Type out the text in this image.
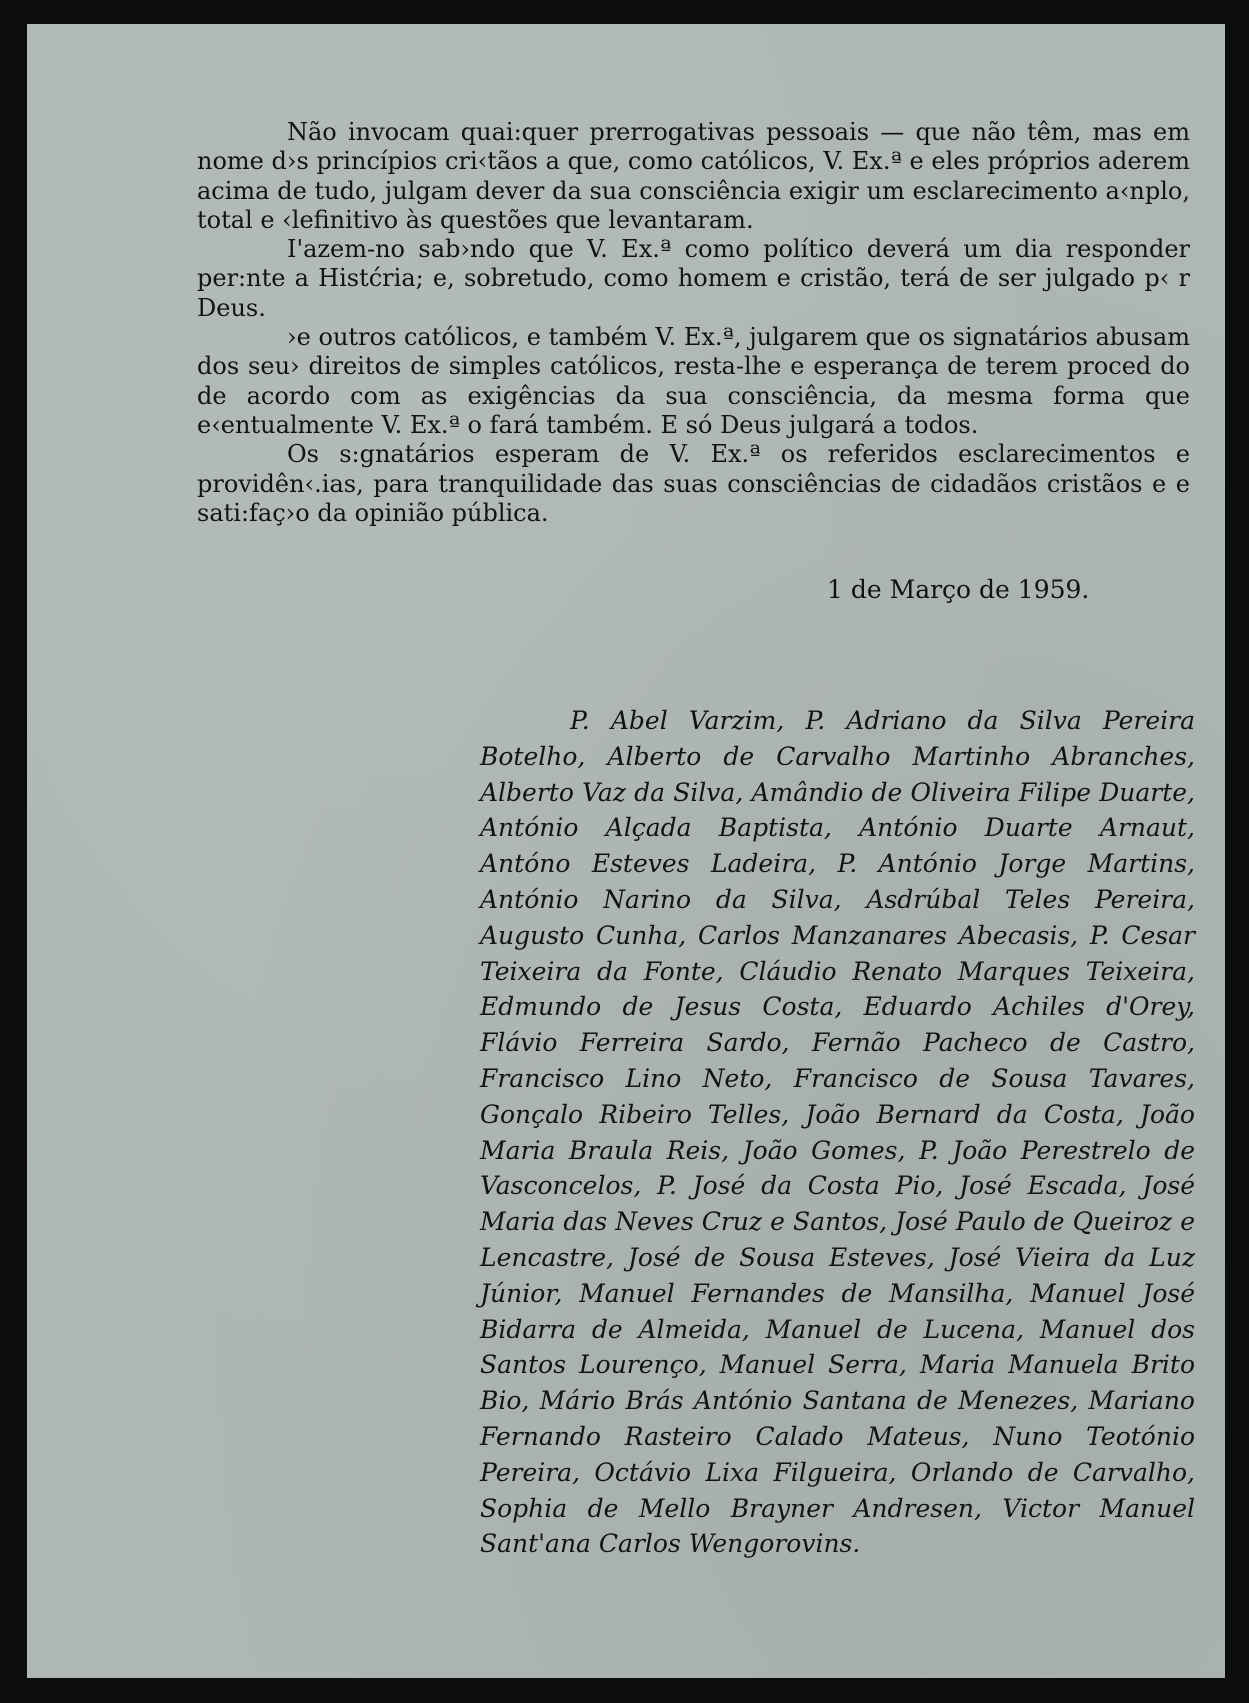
Não invocam quai:quer prerrogativas pessoais — que não têm, mas em nome d›s princípios cri‹tãos a que, como católicos, V. Ex.ª e eles próprios aderem acima de tudo, julgam dever da sua consciência exigir um esclarecimento a‹nplo, total e ‹lefinitivo às questões que levantaram.

I'azem-no sab›ndo que V. Ex.ª como político deverá um dia responder per:nte a Histćria; e, sobretudo, como homem e cristão, terá de ser julgado p‹ r Deus.

›e outros católicos, e também V. Ex.ª, julgarem que os signatários abusam dos seu› direitos de simples católicos, resta-lhe e esperança de terem proced do de acordo com as exigências da sua consciência, da mesma forma que e‹entualmente V. Ex.ª o fará também. E só Deus julgará a todos.

Os s:gnatários esperam de V. Ex.ª os referidos esclarecimentos e providên‹.ias, para tranquilidade das suas consciências de cidadãos cristãos e e sati:faç›o da opinião pública.

1 de Março de 1959.
P. Abel Varzim, P. Adriano da Silva Pereira Botelho, Alberto de Carvalho Martinho Abranches, Alberto Vaz da Silva, Amândio de Oliveira Filipe Duarte, António Alçada Baptista, António Duarte Arnaut, Antóno Esteves Ladeira, P. António Jorge Martins, António Narino da Silva, Asdrúbal Teles Pereira, Augusto Cunha, Carlos Manzanares Abecasis, P. Cesar Teixeira da Fonte, Cláudio Renato Marques Teixeira, Edmundo de Jesus Costa, Eduardo Achiles d'Orey, Flávio Ferreira Sardo, Fernão Pacheco de Castro, Francisco Lino Neto, Francisco de Sousa Tavares, Gonçalo Ribeiro Telles, João Bernard da Costa, João Maria Braula Reis, João Gomes, P. João Perestrelo de Vasconcelos, P. José da Costa Pio, José Escada, José Maria das Neves Cruz e Santos, José Paulo de Queiroz e Lencastre, José de Sousa Esteves, José Vieira da Luz Júnior, Manuel Fernandes de Mansilha, Manuel José Bidarra de Almeida, Manuel de Lucena, Manuel dos Santos Lourenço, Manuel Serra, Maria Manuela Brito Bio, Mário Brás António Santana de Menezes, Mariano Fernando Rasteiro Calado Mateus, Nuno Teotónio Pereira, Octávio Lixa Filgueira, Orlando de Carvalho, Sophia de Mello Brayner Andresen, Victor Manuel Sant'ana Carlos Wengorovins.
